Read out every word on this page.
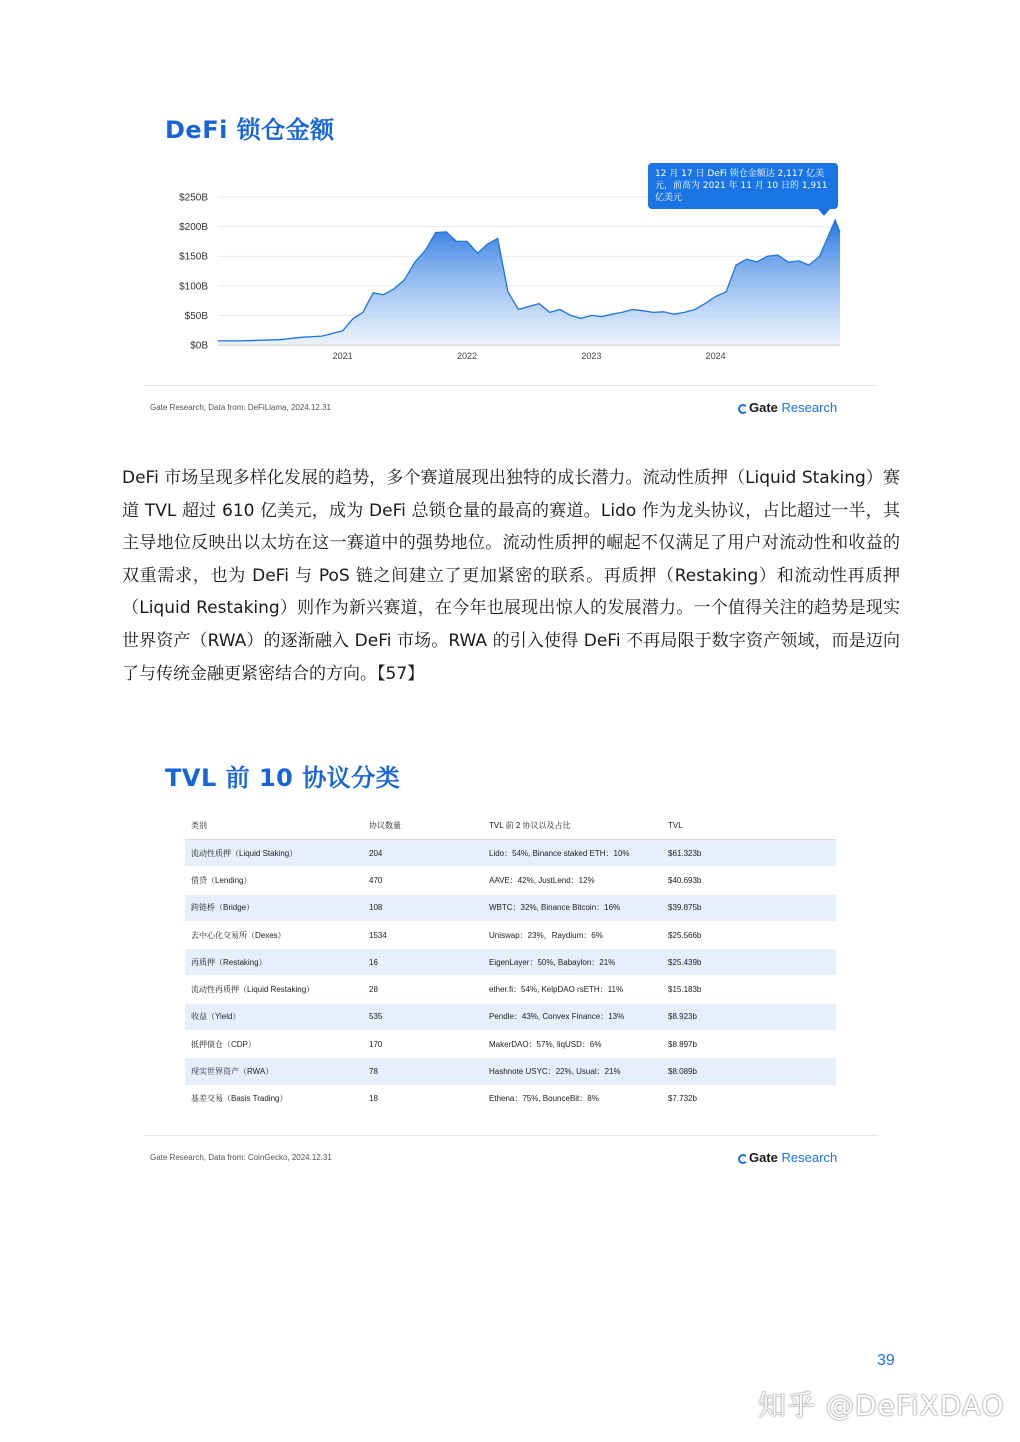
DeFi 锁仓金额
$0B
$50B
$100B
$150B
$200B
$250B
2021	2022	2023	2024
12 月 17 日 DeFi 锁仓金额达 2,117 亿美元，前高为 2021 年 11 月 10 日的 1,911 亿美元
Gate Research, Data from: DeFiLlama, 2024.12.31	Gate Research
DeFi 市场呈现多样化发展的趋势，多个赛道展现出独特的成长潜力。流动性质押（Liquid Staking）赛道 TVL 超过 610 亿美元，成为 DeFi 总锁仓量的最高的赛道。Lido 作为龙头协议，占比超过一半，其主导地位反映出以太坊在这一赛道中的强势地位。流动性质押的崛起不仅满足了用户对流动性和收益的双重需求，也为 DeFi 与 PoS 链之间建立了更加紧密的联系。再质押（Restaking）和流动性再质押（Liquid Restaking）则作为新兴赛道，在今年也展现出惊人的发展潜力。一个值得关注的趋势是现实世界资产（RWA）的逐渐融入 DeFi 市场。RWA 的引入使得 DeFi 不再局限于数字资产领域，而是迈向了与传统金融更紧密结合的方向。【57】
TVL 前 10 协议分类
类别	协议数量	TVL 前 2 协议以及占比	TVL
流动性质押（Liquid Staking）	204	Lido：54%, Binance staked ETH：10%	$61.323b
借贷（Lending）	470	AAVE：42%, JustLend：12%	$40.693b
跨链桥（Bridge）	108	WBTC：32%, Binance Bitcoin：16%	$39.875b
去中心化交易所（Dexes）	1534	Uniswap：23%，Raydium：6%	$25.566b
再质押（Restaking）	16	EigenLayer：50%, Babaylon：21%	$25.439b
流动性再质押（Liquid Restaking）	28	ether.fi：54%, KelpDAO rsETH：11%	$15.183b
收益（Yield）	535	Pendle：43%, Convex Finance：13%	$8.923b
抵押债仓（CDP）	170	MakerDAO：57%, liqUSD：6%	$8.897b
现实世界资产（RWA）	78	Hashnote USYC：22%, Usual：21%	$8.089b
基差交易（Basis Trading）	18	Ethena：75%, BounceBit：8%	$7.732b
Gate Research, Data from: CoinGecko, 2024.12.31	Gate Research
39
知乎 @DeFiXDAO
